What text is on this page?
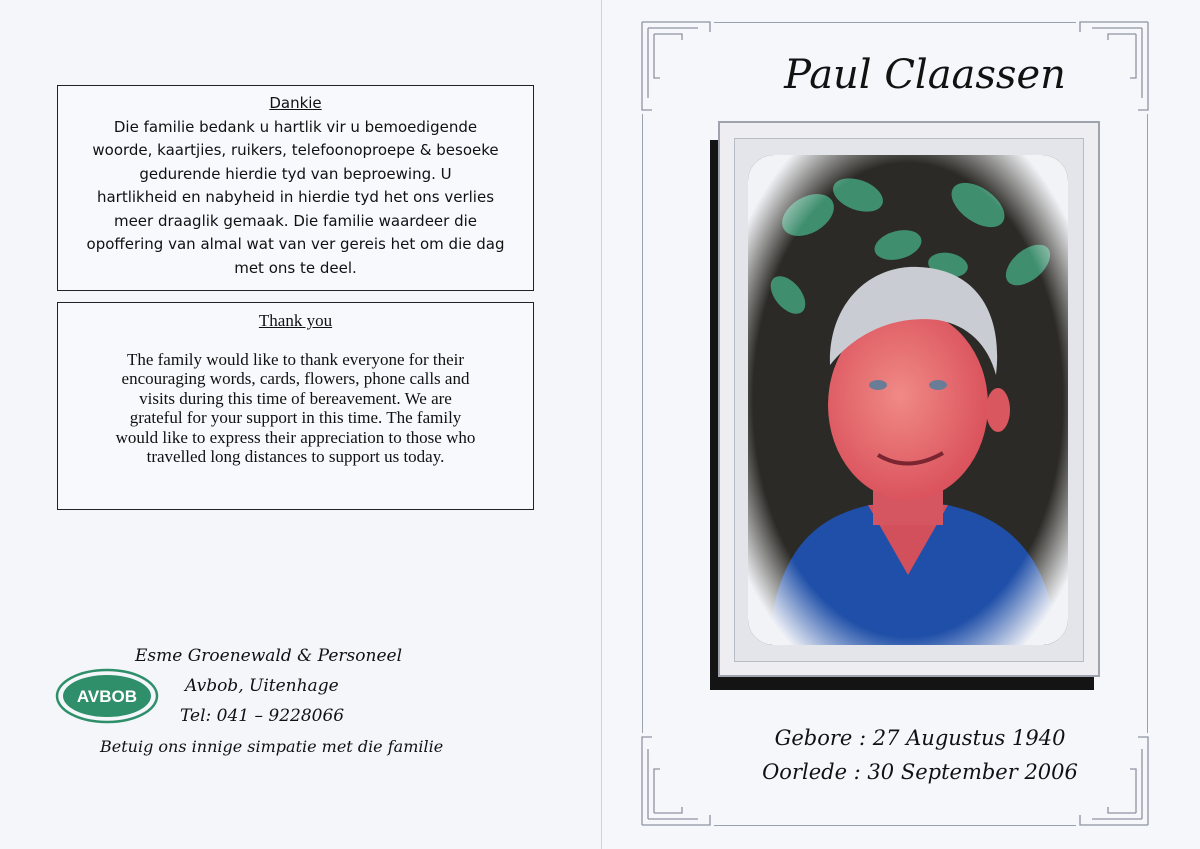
Dankie
Die familie bedank u hartlik vir u bemoedigende
woorde, kaartjies, ruikers, telefoonoproepe & besoeke
gedurende hierdie tyd van beproewing. U
hartlikheid en nabyheid in hierdie tyd het ons verlies
meer draaglik gemaak. Die familie waardeer die
opoffering van almal wat van ver gereis het om die dag
met ons te deel.
Thank you
The family would like to thank everyone for their
encouraging words, cards, flowers, phone calls and
visits during this time of bereavement. We are
grateful for your support in this time. The family
would like to express their appreciation to those who
travelled long distances to support us today.
AVBOB
Esme Groenewald & Personeel
Avbob, Uitenhage
Tel: 041 – 9228066
Betuig ons innige simpatie met die familie
Paul Claassen
Gebore : 27 Augustus 1940
Oorlede : 30 September 2006
